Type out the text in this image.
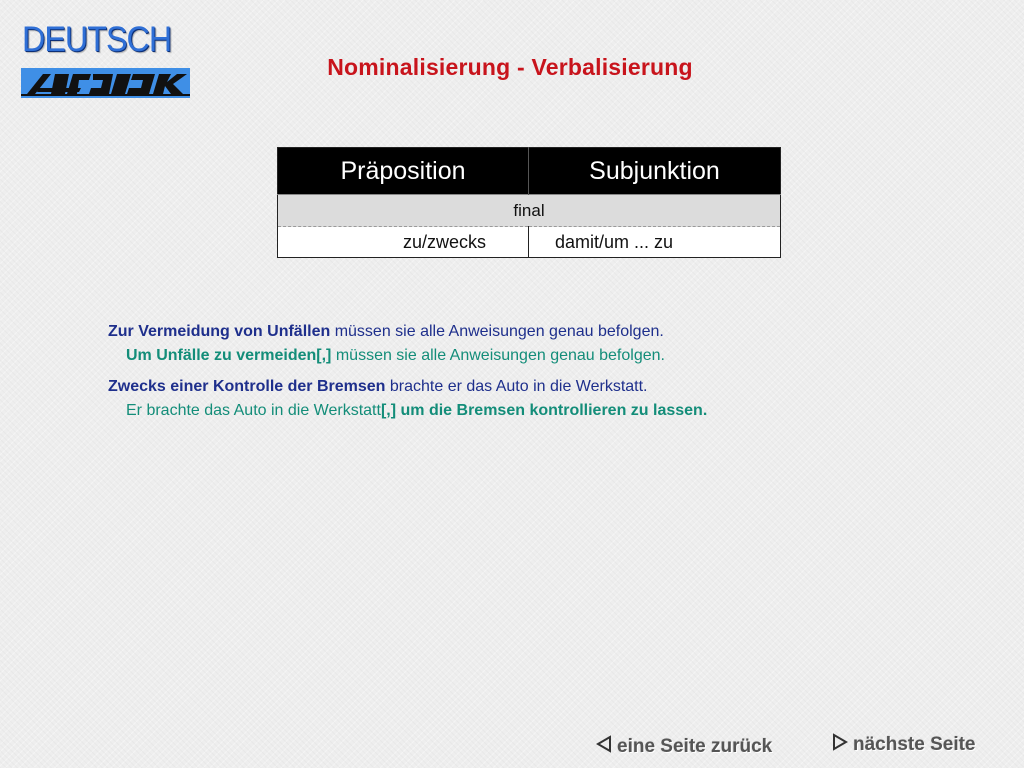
DEUTSCH
Nominalisierung - Verbalisierung
Präposition	Subjunktion
final	
zu/zwecks	damit/um ... zu
Zur Vermeidung von Unfällen müssen sie alle Anweisungen genau befolgen.
Um Unfälle zu vermeiden[,] müssen sie alle Anweisungen genau befolgen.
Zwecks einer Kontrolle der Bremsen brachte er das Auto in die Werkstatt.
Er brachte das Auto in die Werkstatt[,] um die Bremsen kontrollieren zu lassen.
eine Seite zurück	nächste Seite
